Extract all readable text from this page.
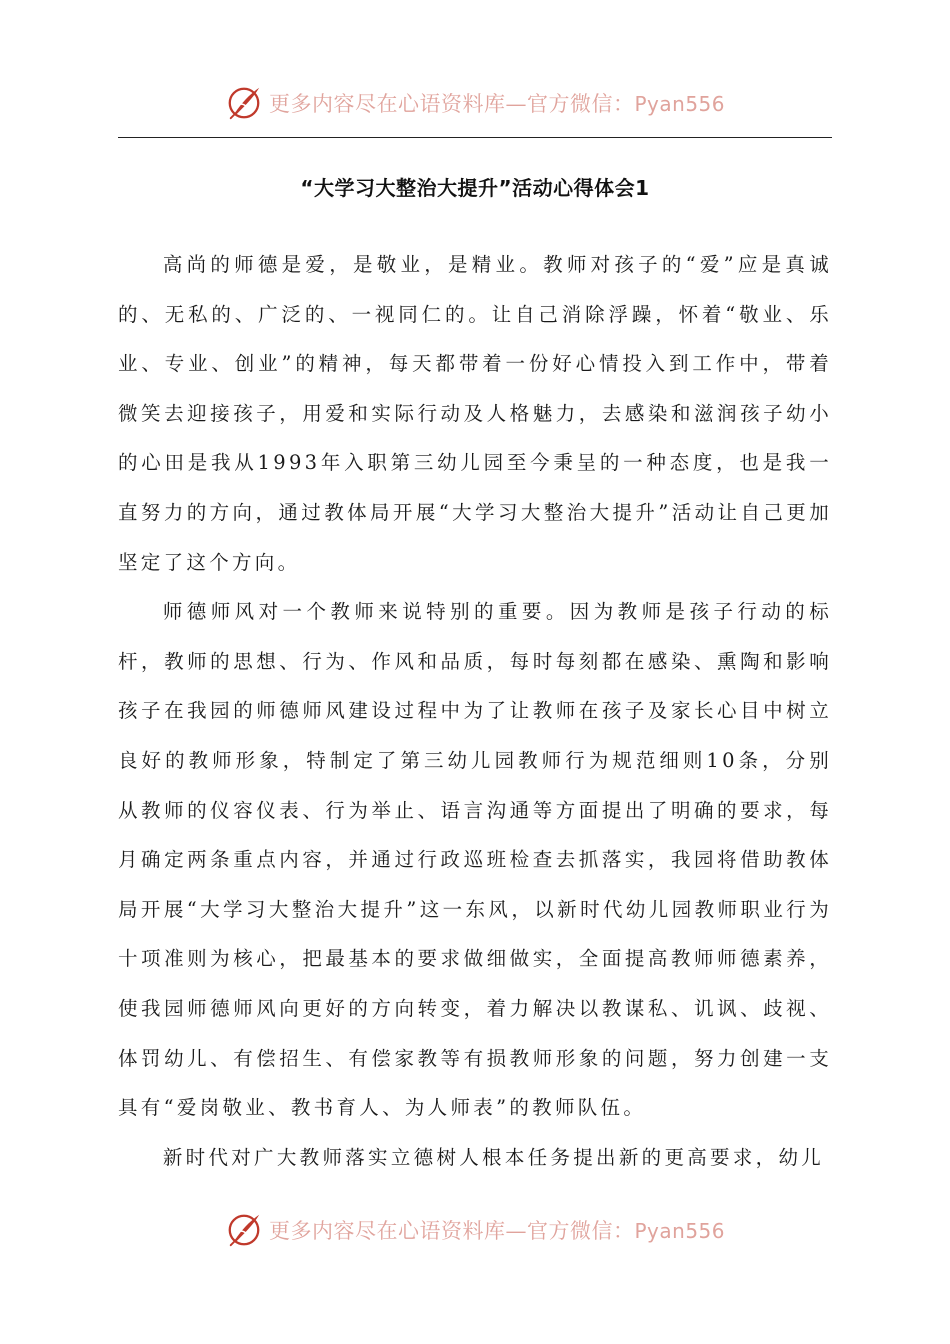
更多内容尽在心语资料库—官方微信：Pyan556
“大学习大整治大提升”活动心得体会1

高尚的师德是爱，是敬业，是精业。教师对孩子的“爱”应是真诚的、无私的、广泛的、一视同仁的。让自己消除浮躁，怀着“敬业、乐业、专业、创业”的精神，每天都带着一份好心情投入到工作中，带着微笑去迎接孩子，用爱和实际行动及人格魅力，去感染和滋润孩子幼小的心田是我从1993年入职第三幼儿园至今秉呈的一种态度，也是我一直努力的方向，通过教体局开展“大学习大整治大提升”活动让自己更加坚定了这个方向。

师德师风对一个教师来说特别的重要。因为教师是孩子行动的标杆，教师的思想、行为、作风和品质，每时每刻都在感染、熏陶和影响孩子在我园的师德师风建设过程中为了让教师在孩子及家长心目中树立良好的教师形象，特制定了第三幼儿园教师行为规范细则10条，分别从教师的仪容仪表、行为举止、语言沟通等方面提出了明确的要求，每月确定两条重点内容，并通过行政巡班检查去抓落实，我园将借助教体局开展“大学习大整治大提升”这一东风，以新时代幼儿园教师职业行为十项准则为核心，把最基本的要求做细做实，全面提高教师师德素养，使我园师德师风向更好的方向转变，着力解决以教谋私、讥讽、歧视、体罚幼儿、有偿招生、有偿家教等有损教师形象的问题，努力创建一支具有“爱岗敬业、教书育人、为人师表”的教师队伍。

新时代对广大教师落实立德树人根本任务提出新的更高要求，幼儿

更多内容尽在心语资料库—官方微信：Pyan556
